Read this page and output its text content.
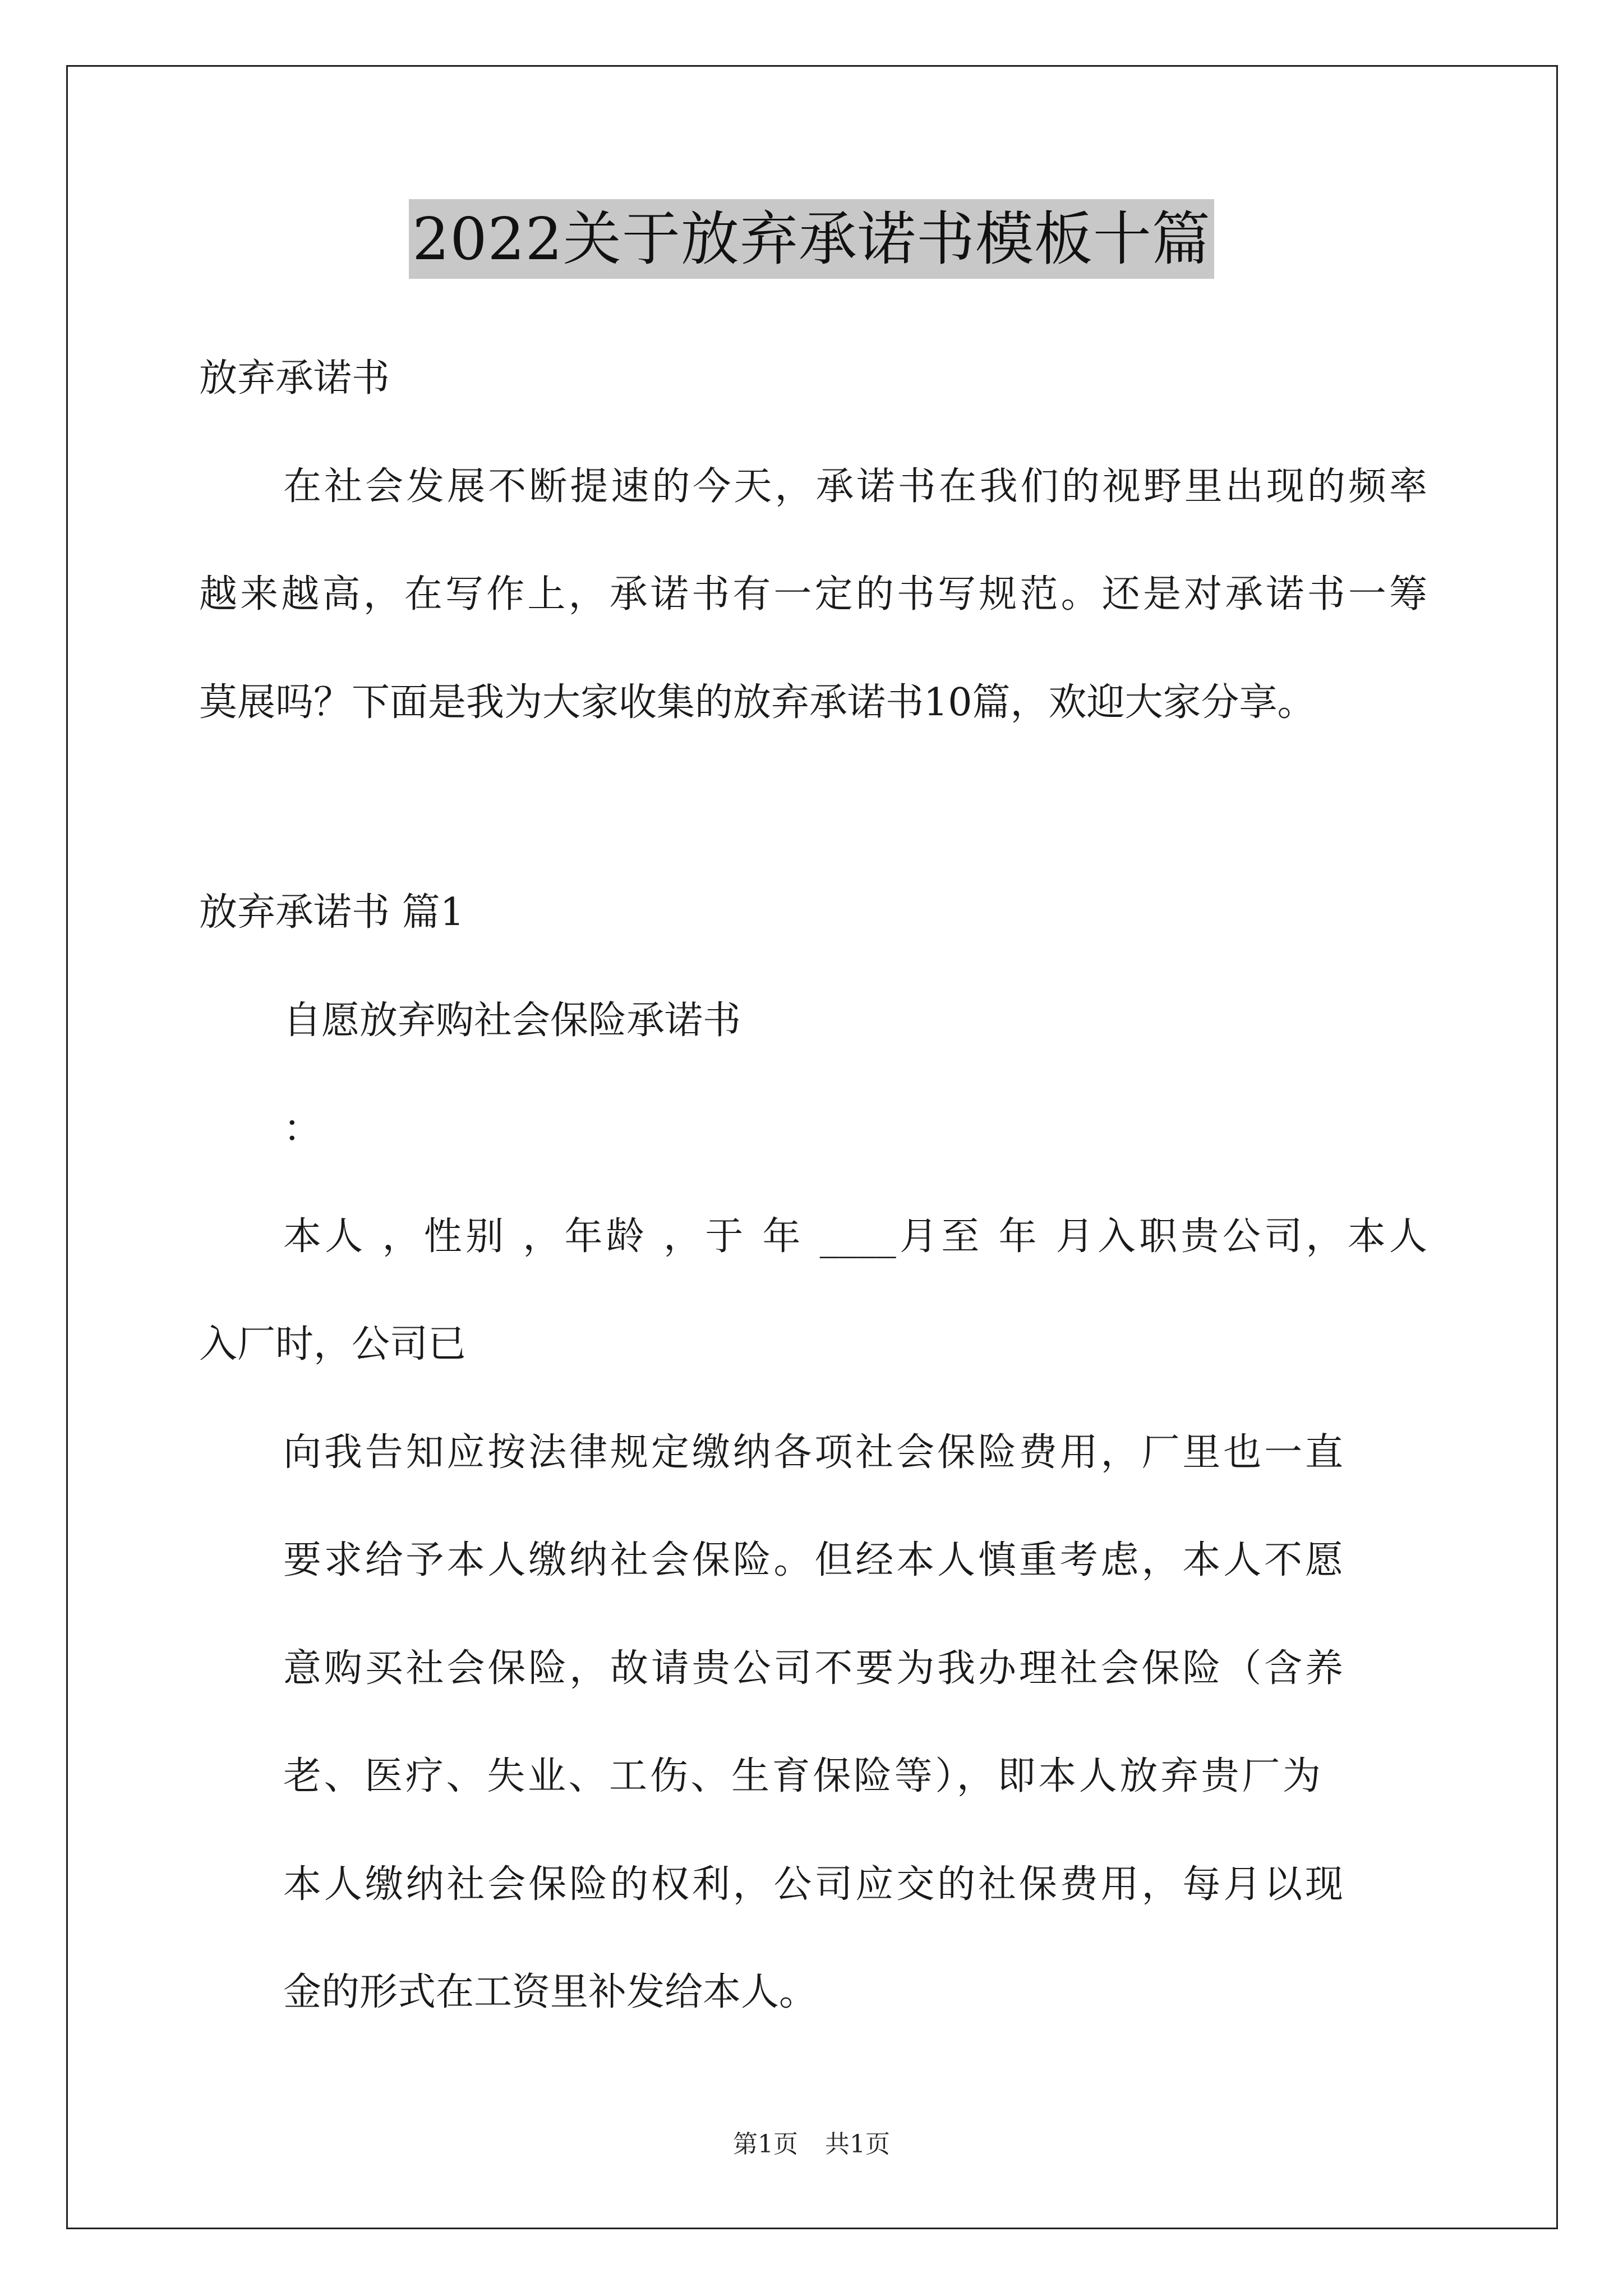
2022关于放弃承诺书模板十篇
放弃承诺书
在社会发展不断提速的今天，承诺书在我们的视野里出现的频率
越来越高，在写作上，承诺书有一定的书写规范。还是对承诺书一筹
莫展吗？下面是我为大家收集的放弃承诺书10篇，欢迎大家分享。
放弃承诺书 篇1
自愿放弃购社会保险承诺书
：
本人 ，性别 ，年龄 ，于 年 ____月至 年 月入职贵公司，本人
入厂时，公司已
向我告知应按法律规定缴纳各项社会保险费用，厂里也一直
要求给予本人缴纳社会保险。但经本人慎重考虑，本人不愿
意购买社会保险，故请贵公司不要为我办理社会保险（含养
老、医疗、失业、工伤、生育保险等），即本人放弃贵厂为
本人缴纳社会保险的权利，公司应交的社保费用，每月以现
金的形式在工资里补发给本人。
第1页 共1页
